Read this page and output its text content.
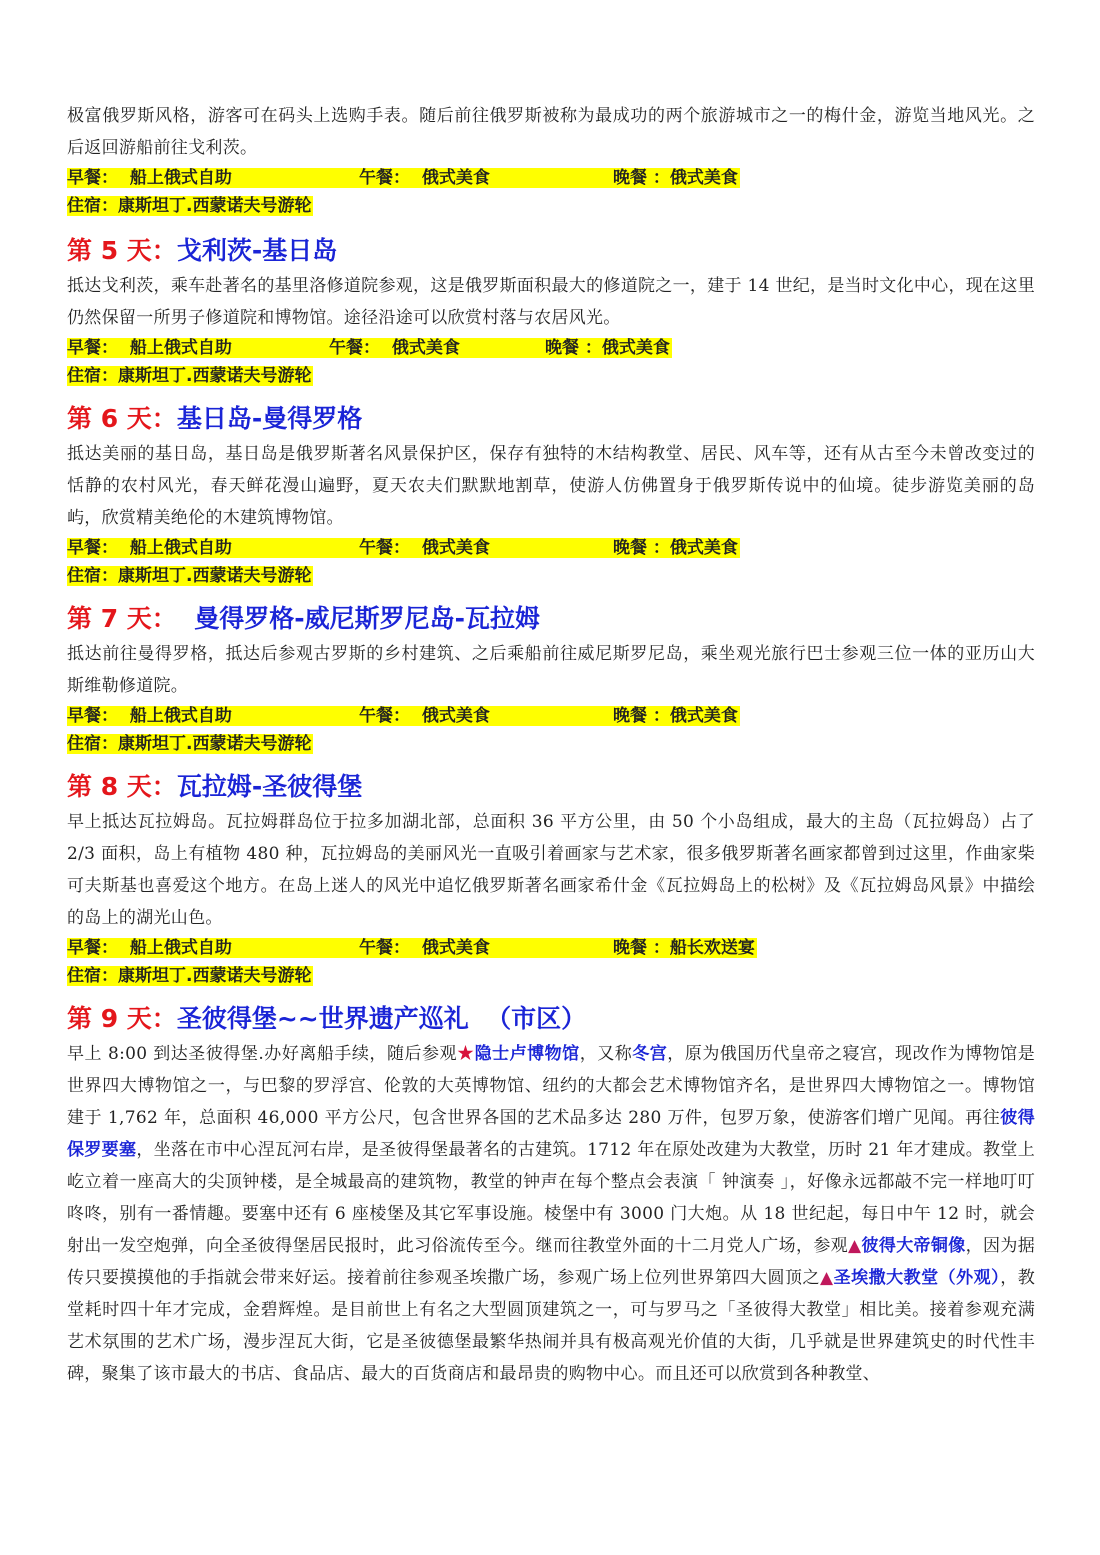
极富俄罗斯风格，游客可在码头上选购手表。随后前往俄罗斯被称为最成功的两个旅游城市之一的梅什金，游览当地风光。之后返回游船前往戈利茨。

早餐：  船上俄式自助	午餐：  俄式美食	晚餐 ：俄式美食
住宿：康斯坦丁.西蒙诺夫号游轮
第 5 天：戈利茨-基日岛

抵达戈利茨，乘车赴著名的基里洛修道院参观，这是俄罗斯面积最大的修道院之一，建于 14 世纪，是当时文化中心，现在这里仍然保留一所男子修道院和博物馆。途径沿途可以欣赏村落与农居风光。

早餐：  船上俄式自助	午餐：  俄式美食	晚餐 ：俄式美食
住宿：康斯坦丁.西蒙诺夫号游轮
第 6 天：基日岛-曼得罗格

抵达美丽的基日岛，基日岛是俄罗斯著名风景保护区，保存有独特的木结构教堂、居民、风车等，还有从古至今未曾改变过的恬静的农村风光，春天鲜花漫山遍野，夏天农夫们默默地割草，使游人仿佛置身于俄罗斯传说中的仙境。徒步游览美丽的岛屿，欣赏精美绝伦的木建筑博物馆。

早餐：  船上俄式自助	午餐：  俄式美食	晚餐 ：俄式美食
住宿：康斯坦丁.西蒙诺夫号游轮
第 7 天：  曼得罗格-威尼斯罗尼岛-瓦拉姆

抵达前往曼得罗格，抵达后参观古罗斯的乡村建筑、之后乘船前往威尼斯罗尼岛，乘坐观光旅行巴士参观三位一体的亚历山大斯维勒修道院。

早餐：  船上俄式自助	午餐：  俄式美食	晚餐 ：俄式美食
住宿：康斯坦丁.西蒙诺夫号游轮
第 8 天：瓦拉姆-圣彼得堡

早上抵达瓦拉姆岛。瓦拉姆群岛位于拉多加湖北部，总面积 36 平方公里，由 50 个小岛组成，最大的主岛（瓦拉姆岛）占了 2/3 面积，岛上有植物 480 种，瓦拉姆岛的美丽风光一直吸引着画家与艺术家，很多俄罗斯著名画家都曾到过这里，作曲家柴可夫斯基也喜爱这个地方。在岛上迷人的风光中追忆俄罗斯著名画家希什金《瓦拉姆岛上的松树》及《瓦拉姆岛风景》中描绘的岛上的湖光山色。

早餐：  船上俄式自助	午餐：  俄式美食	晚餐 ：船长欢送宴
住宿：康斯坦丁.西蒙诺夫号游轮
第 9 天：圣彼得堡~~世界遗产巡礼  （市区）

早上 8:00 到达圣彼得堡.办好离船手续，随后参观★隐士卢博物馆，又称冬宫，原为俄国历代皇帝之寝宫，现改作为博物馆是世界四大博物馆之一，与巴黎的罗浮宫、伦敦的大英博物馆、纽约的大都会艺术博物馆齐名，是世界四大博物馆之一。博物馆建于 1,762 年，总面积 46,000 平方公尺，包含世界各国的艺术品多达 280 万件，包罗万象，使游客们增广见闻。再往彼得保罗要塞，坐落在市中心涅瓦河右岸，是圣彼得堡最著名的古建筑。1712 年在原处改建为大教堂，历时 21 年才建成。教堂上屹立着一座高大的尖顶钟楼，是全城最高的建筑物，教堂的钟声在每个整点会表演「 钟演奏 」，好像永远都敲不完一样地叮叮咚咚，别有一番情趣。要塞中还有 6 座棱堡及其它军事设施。棱堡中有 3000 门大炮。从 18 世纪起，每日中午 12 时，就会射出一发空炮弹，向全圣彼得堡居民报时，此习俗流传至今。继而往教堂外面的十二月党人广场，参观▲彼得大帝铜像，因为据传只要摸摸他的手指就会带来好运。接着前往参观圣埃撒广场，参观广场上位列世界第四大圆顶之▲圣埃撒大教堂（外观），教堂耗时四十年才完成，金碧辉煌。是目前世上有名之大型圆顶建筑之一，可与罗马之「圣彼得大教堂」相比美。接着参观充满艺术氛围的艺术广场，漫步涅瓦大街，它是圣彼德堡最繁华热闹并具有极高观光价值的大街，几乎就是世界建筑史的时代性丰碑，聚集了该市最大的书店、食品店、最大的百货商店和最昂贵的购物中心。而且还可以欣赏到各种教堂、
